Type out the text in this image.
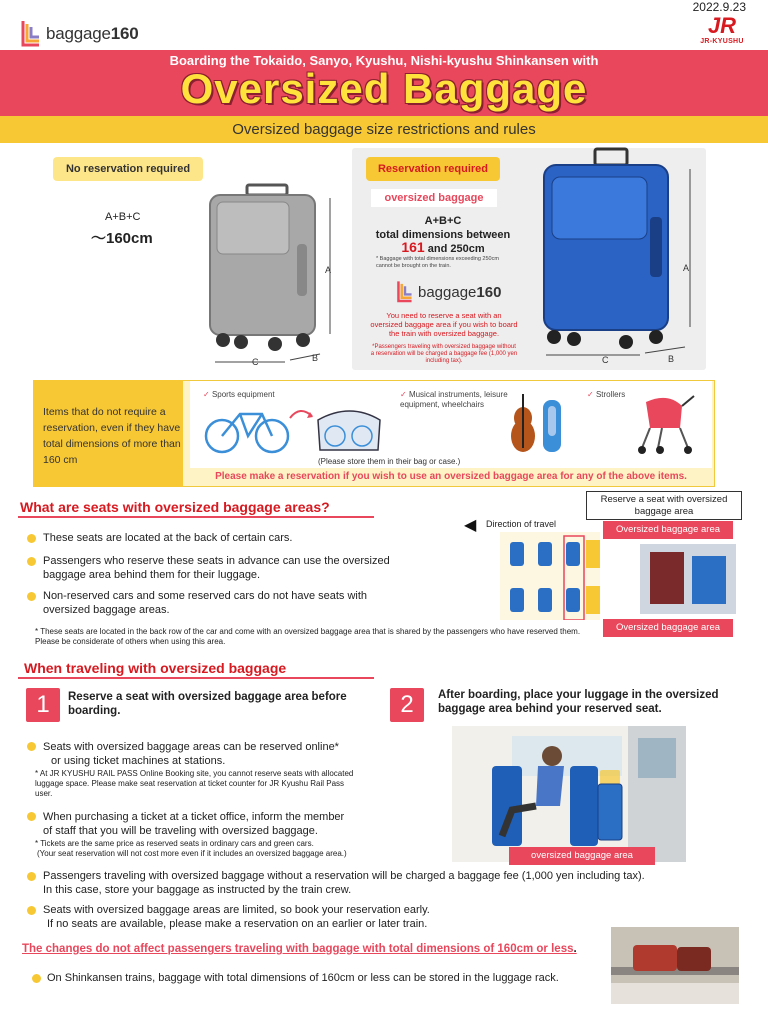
2022.9.23
baggage160	JR
JR-KYUSHU
Boarding the Tokaido, Sanyo, Kyushu, Nishi-kyushu Shinkansen with
Oversized Baggage
Oversized baggage size restrictions and rules
No reservation required
A+B+C
～160cm
A
C	B
Reservation required
oversized baggage
A+B+C
total dimensions between
161 and 250cm
* Baggage with total dimensions exceeding 250cm cannot be brought on the train.
baggage160
You need to reserve a seat with an oversized baggage area if you wish to board the train with oversized baggage.
*Passengers traveling with oversized baggage without a reservation will be charged a baggage fee (1,000 yen including tax).
A
C	B
Items that do not require a reservation, even if they have total dimensions of more than 160 cm
✓ Sports equipment	✓ Musical instruments, leisure equipment, wheelchairs
✓ Strollers
(Please store them in their bag or case.)
Please make a reservation if you wish to use an oversized baggage area for any of the above items.
What are seats with oversized baggage areas?
These seats are located at the back of certain cars.
Passengers who reserve these seats in advance can use the oversized baggage area behind them for their luggage.
Non-reserved cars and some reserved cars do not have seats with oversized baggage areas.
* These seats are located in the back row of the car and come with an oversized baggage area that is shared by the passengers who have reserved them. Please be considerate of others when using this area.
Reserve a seat with oversized baggage area
◀ Direction of travel	Oversized baggage area
Oversized baggage area
When traveling with oversized baggage
1	Reserve a seat with oversized baggage area before boarding.	2	After boarding, place your luggage in the oversized baggage area behind your reserved seat.
Seats with oversized baggage areas can be reserved online*
or using ticket machines at stations.
* At JR KYUSHU RAIL PASS Online Booking site, you cannot reserve seats with allocated luggage space. Please make seat reservation at ticket counter for JR Kyushu Rail Pass user.
When purchasing a ticket at a ticket office, inform the member
of staff that you will be traveling with oversized baggage.
* Tickets are the same price as reserved seats in ordinary cars and green cars.
(Your seat reservation will not cost more even if it includes an oversized baggage area.)	oversized baggage area
Passengers traveling with oversized baggage without a reservation will be charged a baggage fee (1,000 yen including tax).
In this case, store your baggage as instructed by the train crew.
Seats with oversized baggage areas are limited, so book your reservation early.
If no seats are available, please make a reservation on an earlier or later train.
The changes do not affect passengers traveling with baggage with total dimensions of 160cm or less.
On Shinkansen trains, baggage with total dimensions of 160cm or less can be stored in the luggage rack.
